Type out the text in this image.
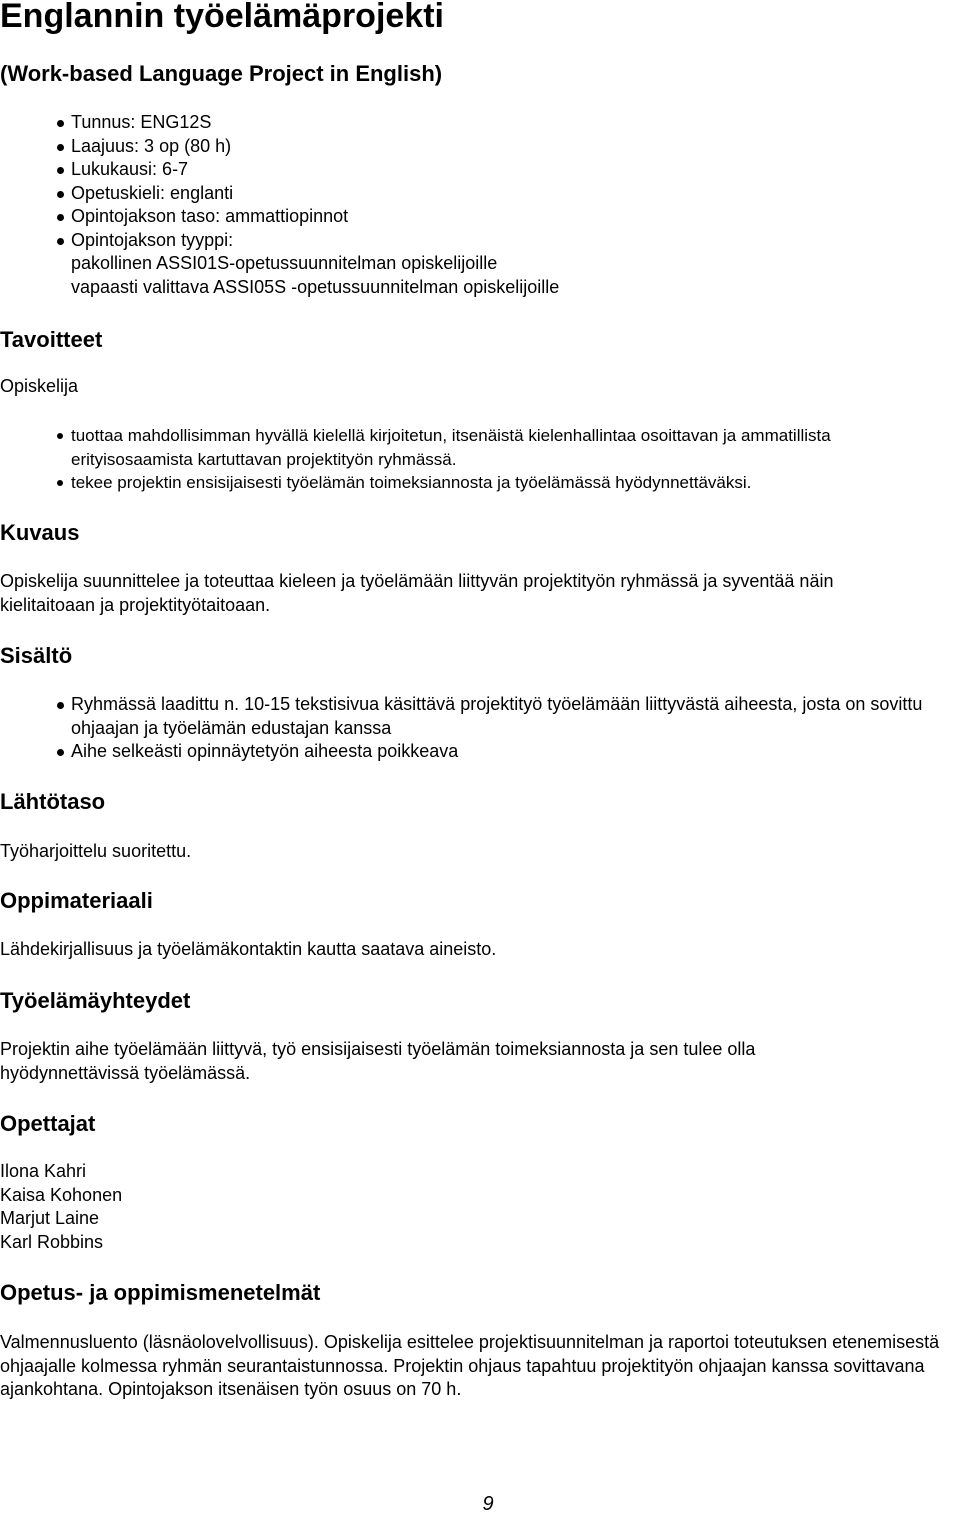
Englannin työelämäprojekti
(Work-based Language Project in English)
Tunnus: ENG12S
Laajuus: 3 op (80 h)
Lukukausi: 6-7
Opetuskieli: englanti
Opintojakson taso: ammattiopinnot
Opintojakson tyyppi:
pakollinen ASSI01S-opetussuunnitelman opiskelijoille
vapaasti valittava ASSI05S -opetussuunnitelman opiskelijoille
Tavoitteet

Opiskelija

tuottaa mahdollisimman hyvällä kielellä kirjoitetun, itsenäistä kielenhallintaa osoittavan ja ammatillista erityisosaamista kartuttavan projektityön ryhmässä.
tekee projektin ensisijaisesti työelämän toimeksiannosta ja työelämässä hyödynnettäväksi.
Kuvaus

Opiskelija suunnittelee ja toteuttaa kieleen ja työelämään liittyvän projektityön ryhmässä ja syventää näin kielitaitoaan ja projektityötaitoaan.

Sisältö
Ryhmässä laadittu n. 10-15 tekstisivua käsittävä projektityö työelämään liittyvästä aiheesta, josta on sovittu ohjaajan ja työelämän edustajan kanssa
Aihe selkeästi opinnäytetyön aiheesta poikkeava
Lähtötaso

Työharjoittelu suoritettu.

Oppimateriaali

Lähdekirjallisuus ja työelämäkontaktin kautta saatava aineisto.

Työelämäyhteydet

Projektin aihe työelämään liittyvä, työ ensisijaisesti työelämän toimeksiannosta ja sen tulee olla hyödynnettävissä työelämässä.

Opettajat
Ilona Kahri
Kaisa Kohonen
Marjut Laine
Karl Robbins
Opetus- ja oppimismenetelmät

Valmennusluento (läsnäolovelvollisuus). Opiskelija esittelee projektisuunnitelman ja raportoi toteutuksen etenemisestä ohjaajalle kolmessa ryhmän seurantaistunnossa. Projektin ohjaus tapahtuu projektityön ohjaajan kanssa sovittavana ajankohtana. Opintojakson itsenäisen työn osuus on 70 h.

9
